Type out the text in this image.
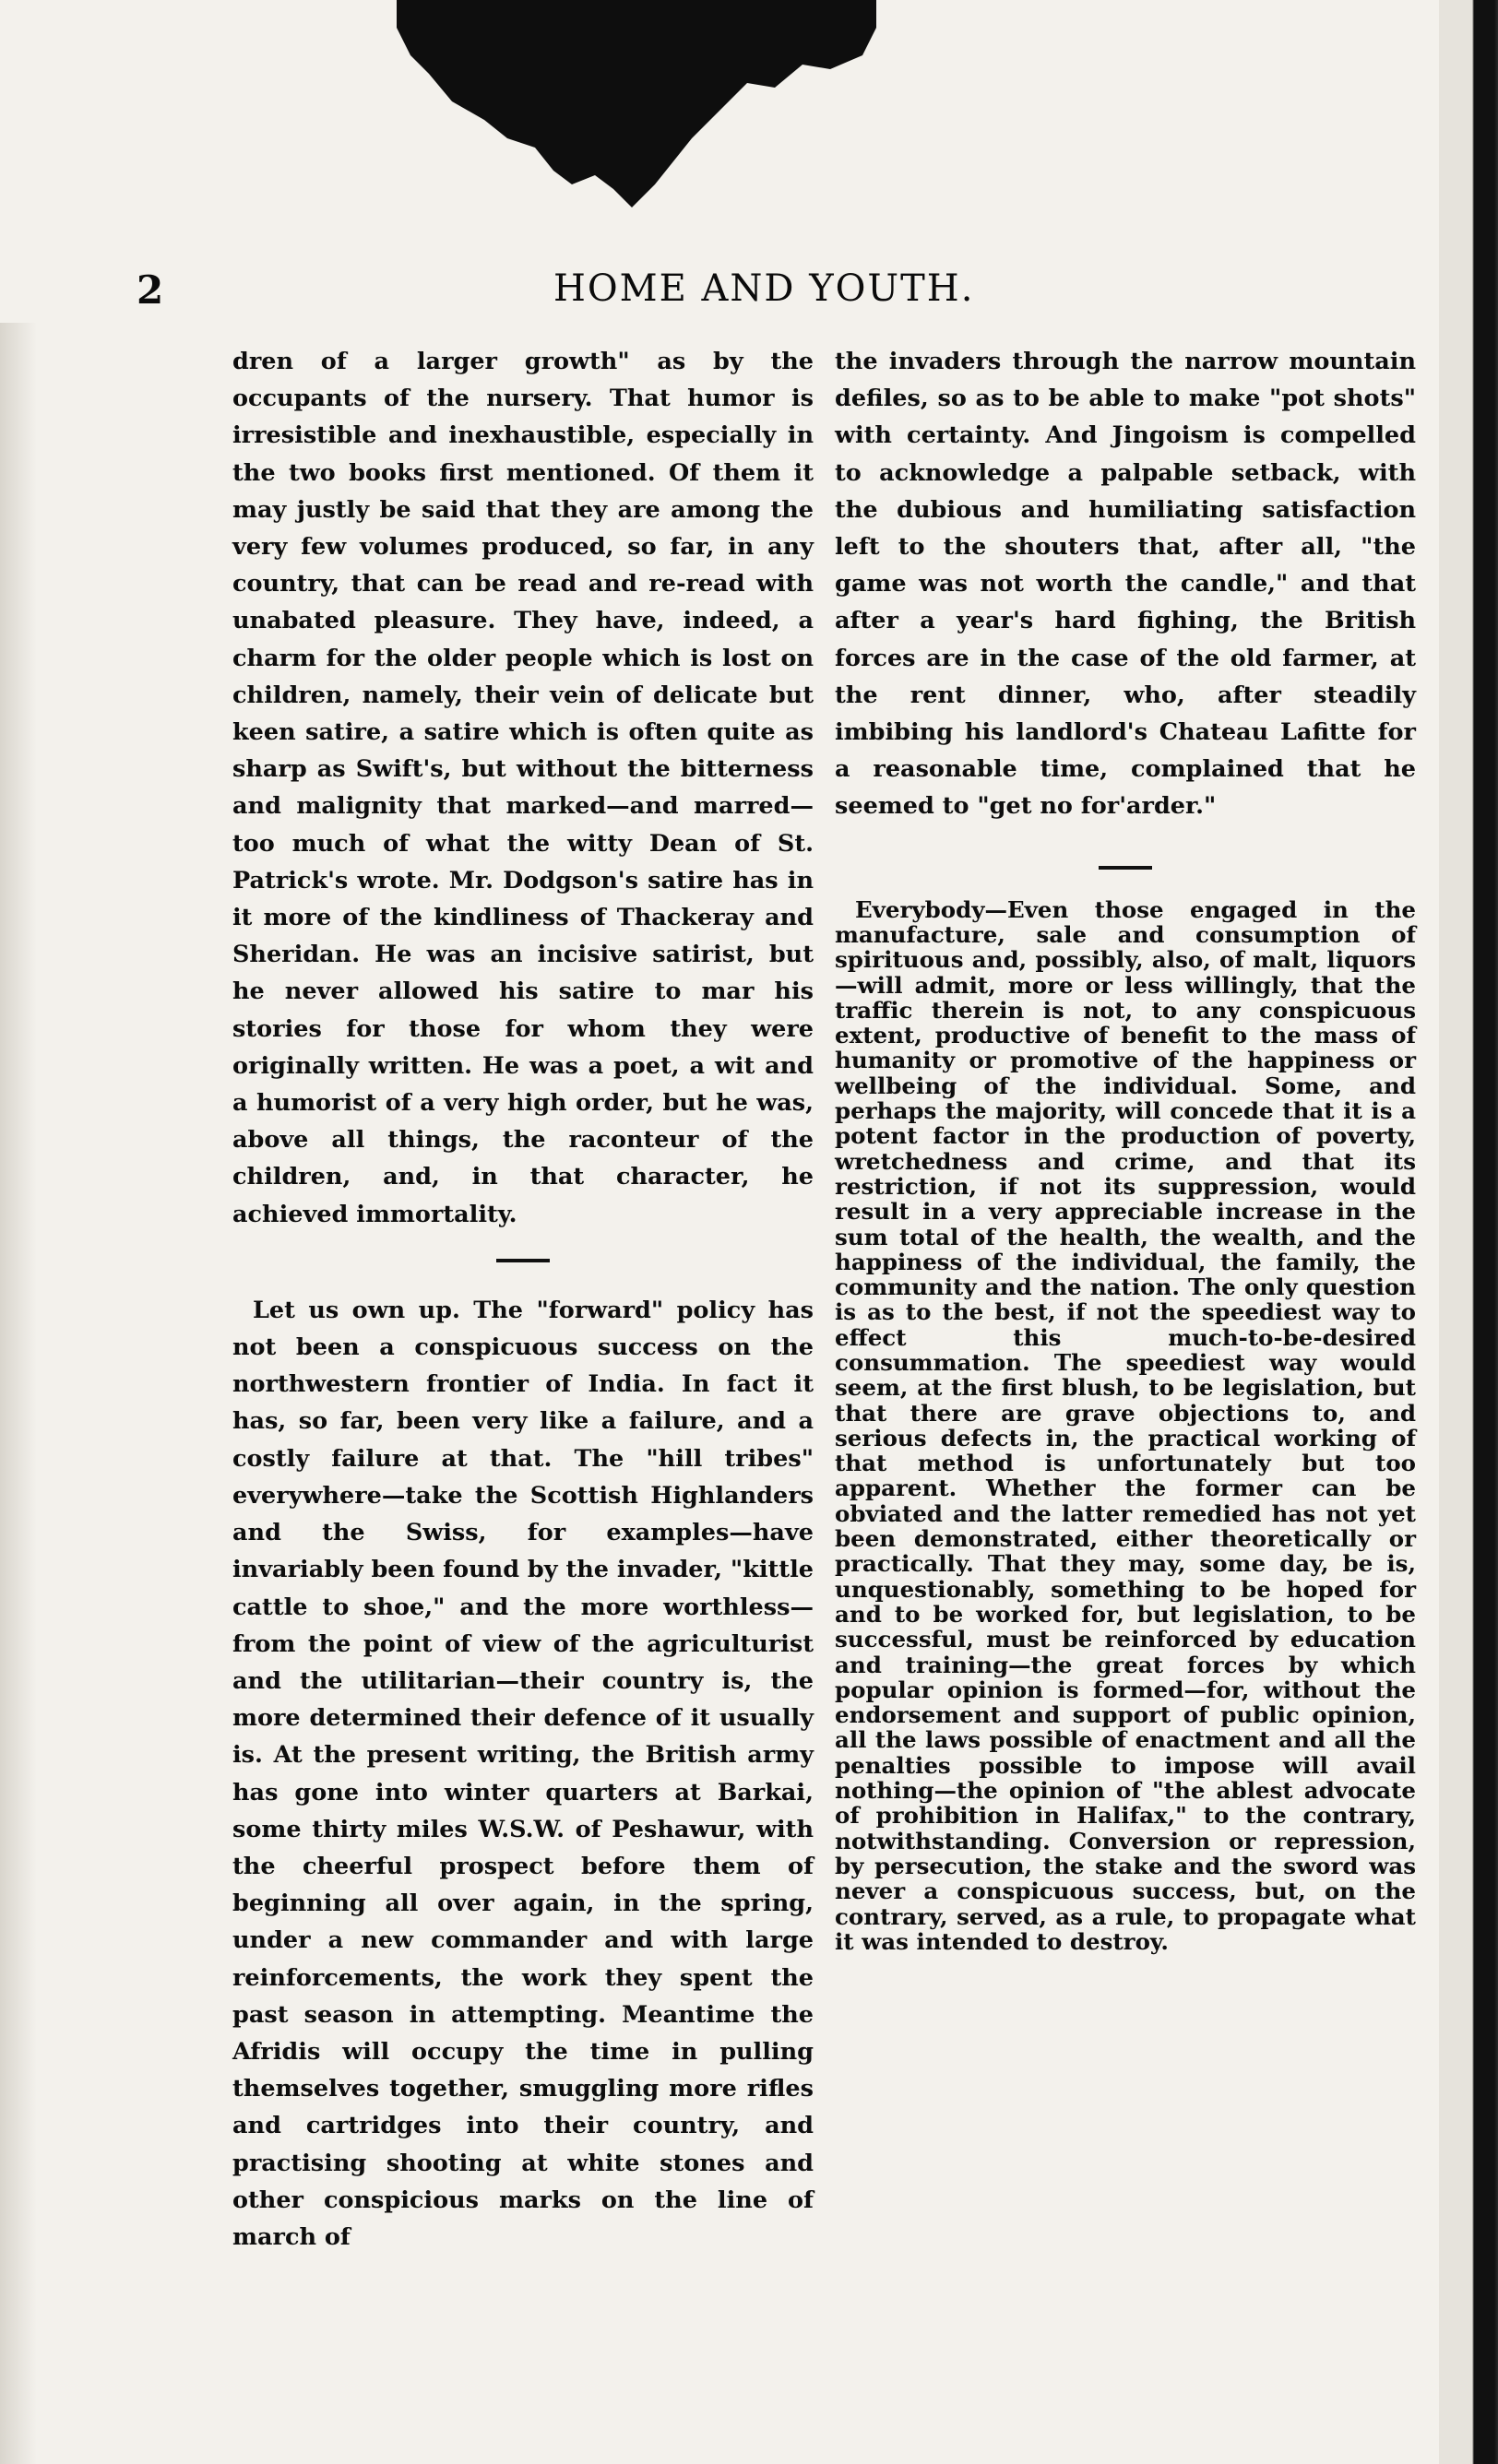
2	HOME AND YOUTH.

dren of a larger growth" as by the occupants of the nursery. That humor is irresistible and inexhaustible, especially in the two books first mentioned. Of them it may justly be said that they are among the very few volumes produced, so far, in any country, that can be read and re-read with unabated pleasure. They have, indeed, a charm for the older people which is lost on children, namely, their vein of delicate but keen satire, a satire which is often quite as sharp as Swift's, but without the bitterness and malignity that marked—and marred—too much of what the witty Dean of St. Patrick's wrote. Mr. Dodgson's satire has in it more of the kindliness of Thackeray and Sheridan. He was an incisive satirist, but he never allowed his satire to mar his stories for those for whom they were originally written. He was a poet, a wit and a humorist of a very high order, but he was, above all things, the raconteur of the children, and, in that character, he achieved immortality.

Let us own up. The "forward" policy has not been a conspicuous success on the northwestern frontier of India. In fact it has, so far, been very like a failure, and a costly failure at that. The "hill tribes" everywhere—take the Scottish Highlanders and the Swiss, for examples—have invariably been found by the invader, "kittle cattle to shoe," and the more worthless—from the point of view of the agriculturist and the utilitarian—their country is, the more determined their defence of it usually is. At the present writing, the British army has gone into winter quarters at Barkai, some thirty miles W.S.W. of Peshawur, with the cheerful prospect before them of beginning all over again, in the spring, under a new commander and with large reinforcements, the work they spent the past season in attempting. Meantime the Afridis will occupy the time in pulling themselves together, smuggling more rifles and cartridges into their country, and practising shooting at white stones and other conspicious marks on the line of march of

the invaders through the narrow mountain defiles, so as to be able to make "pot shots" with certainty. And Jingoism is compelled to acknowledge a palpable setback, with the dubious and humiliating satisfaction left to the shouters that, after all, "the game was not worth the candle," and that after a year's hard fighing, the British forces are in the case of the old farmer, at the rent dinner, who, after steadily imbibing his landlord's Chateau Lafitte for a reasonable time, complained that he seemed to "get no for'arder."

Everybody—Even those engaged in the manufacture, sale and consumption of spirituous and, possibly, also, of malt, liquors—will admit, more or less willingly, that the traffic therein is not, to any conspicuous extent, productive of benefit to the mass of humanity or promotive of the happiness or wellbeing of the individual. Some, and perhaps the majority, will concede that it is a potent factor in the production of poverty, wretchedness and crime, and that its restriction, if not its suppression, would result in a very appreciable increase in the sum total of the health, the wealth, and the happiness of the individual, the family, the community and the nation. The only question is as to the best, if not the speediest way to effect this much-to-be-desired consummation. The speediest way would seem, at the first blush, to be legislation, but that there are grave objections to, and serious defects in, the practical working of that method is unfortunately but too apparent. Whether the former can be obviated and the latter remedied has not yet been demonstrated, either theoretically or practically. That they may, some day, be is, unquestionably, something to be hoped for and to be worked for, but legislation, to be successful, must be reinforced by education and training—the great forces by which popular opinion is formed—for, without the endorsement and support of public opinion, all the laws possible of enactment and all the penalties possible to impose will avail nothing—the opinion of "the ablest advocate of prohibition in Halifax," to the contrary, notwithstanding. Conversion or repression, by persecution, the stake and the sword was never a conspicuous success, but, on the contrary, served, as a rule, to propagate what it was intended to destroy.
